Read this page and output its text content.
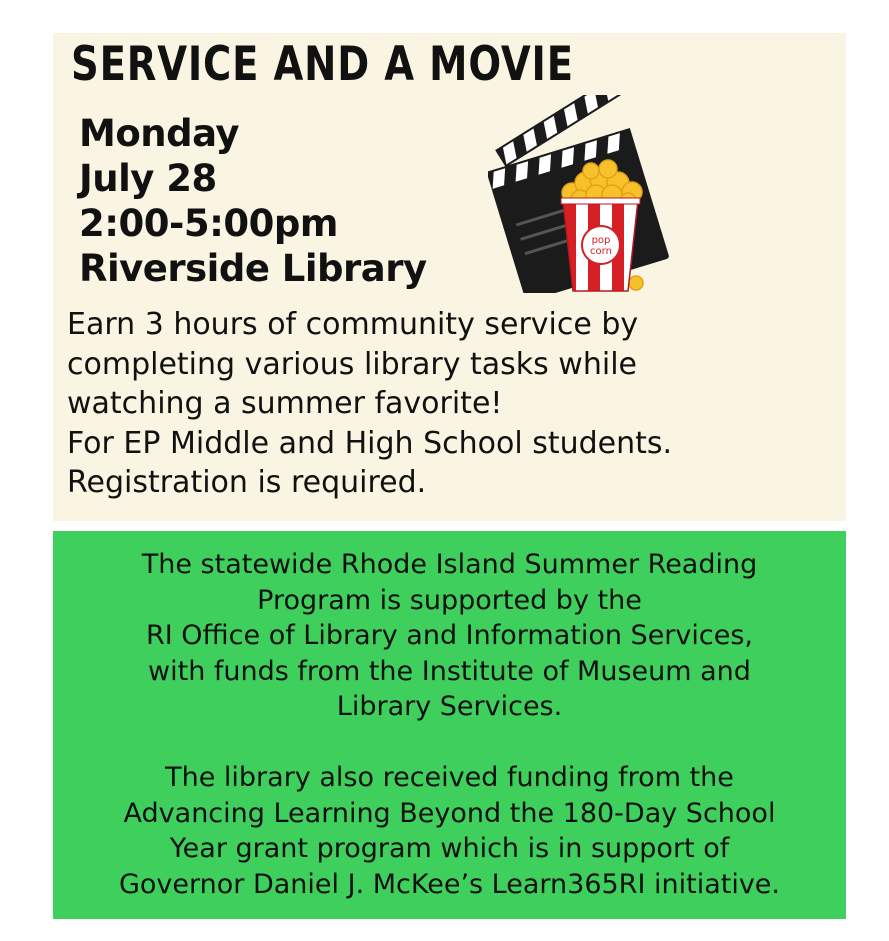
SERVICE AND A MOVIE
Monday
July 28
2:00-5:00pm
Riverside Library
pop
corn
Earn 3 hours of community service by
completing various library tasks while
watching a summer favorite!
For EP Middle and High School students.
Registration is required.
The statewide Rhode Island Summer Reading
Program is supported by the
RI Office of Library and Information Services,
with funds from the Institute of Museum and
Library Services.
The library also received funding from the
Advancing Learning Beyond the 180-Day School
Year grant program which is in support of
Governor Daniel J. McKee’s Learn365RI initiative.
